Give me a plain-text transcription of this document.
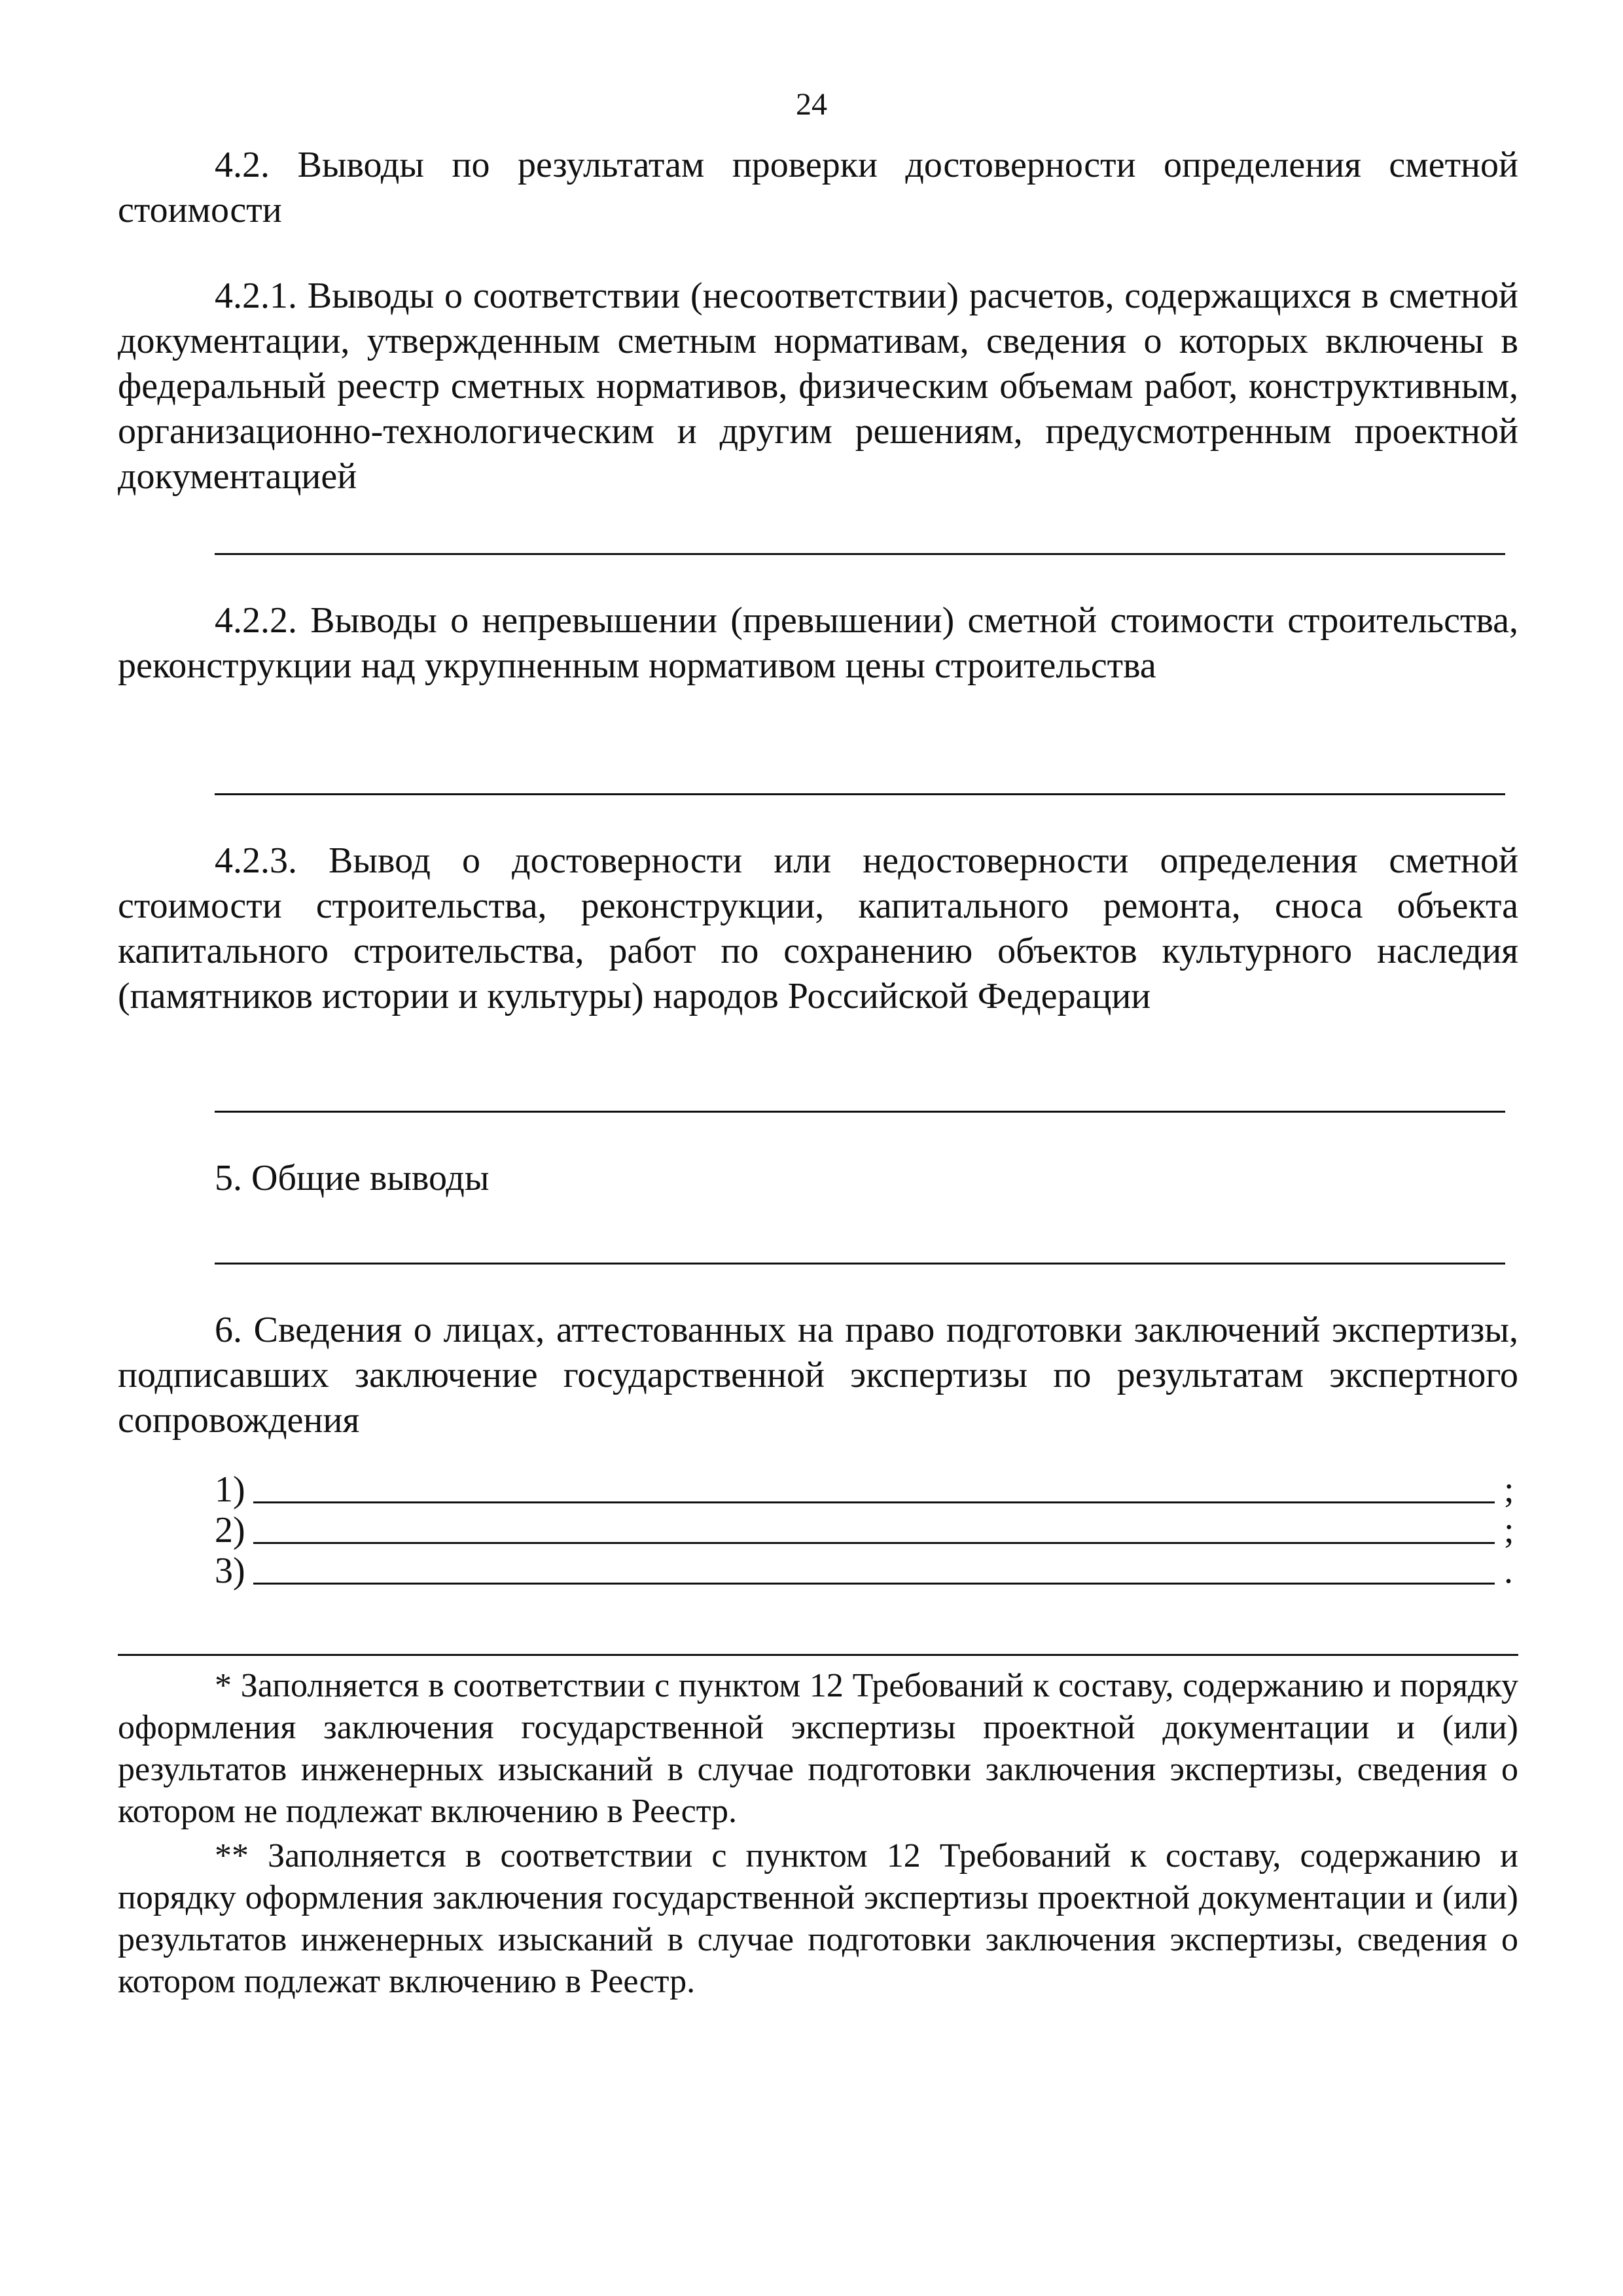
24

4.2. Выводы по результатам проверки достоверности определения сметной стоимости

4.2.1. Выводы о соответствии (несоответствии) расчетов, содержащихся в сметной документации, утвержденным сметным нормативам, сведения о которых включены в федеральный реестр сметных нормативов, физическим объемам работ, конструктивным, организационно-технологическим и другим решениям, предусмотренным проектной документацией

4.2.2. Выводы о непревышении (превышении) сметной стоимости строительства, реконструкции над укрупненным нормативом цены строительства

4.2.3. Вывод о достоверности или недостоверности определения сметной стоимости строительства, реконструкции, капитального ремонта, сноса объекта капитального строительства, работ по сохранению объектов культурного наследия (памятников истории и культуры) народов Российской Федерации

5. Общие выводы

6. Сведения о лицах, аттестованных на право подготовки заключений экспертизы, подписавших заключение государственной экспертизы по результатам экспертного сопровождения

1)	;
2)	;
3)	.

* Заполняется в соответствии с пунктом 12 Требований к составу, содержанию и порядку оформления заключения государственной экспертизы проектной документации и (или) результатов инженерных изысканий в случае подготовки заключения экспертизы, сведения о котором не подлежат включению в Реестр.

** Заполняется в соответствии с пунктом 12 Требований к составу, содержанию и порядку оформления заключения государственной экспертизы проектной документации и (или) результатов инженерных изысканий в случае подготовки заключения экспертизы, сведения о котором подлежат включению в Реестр.
